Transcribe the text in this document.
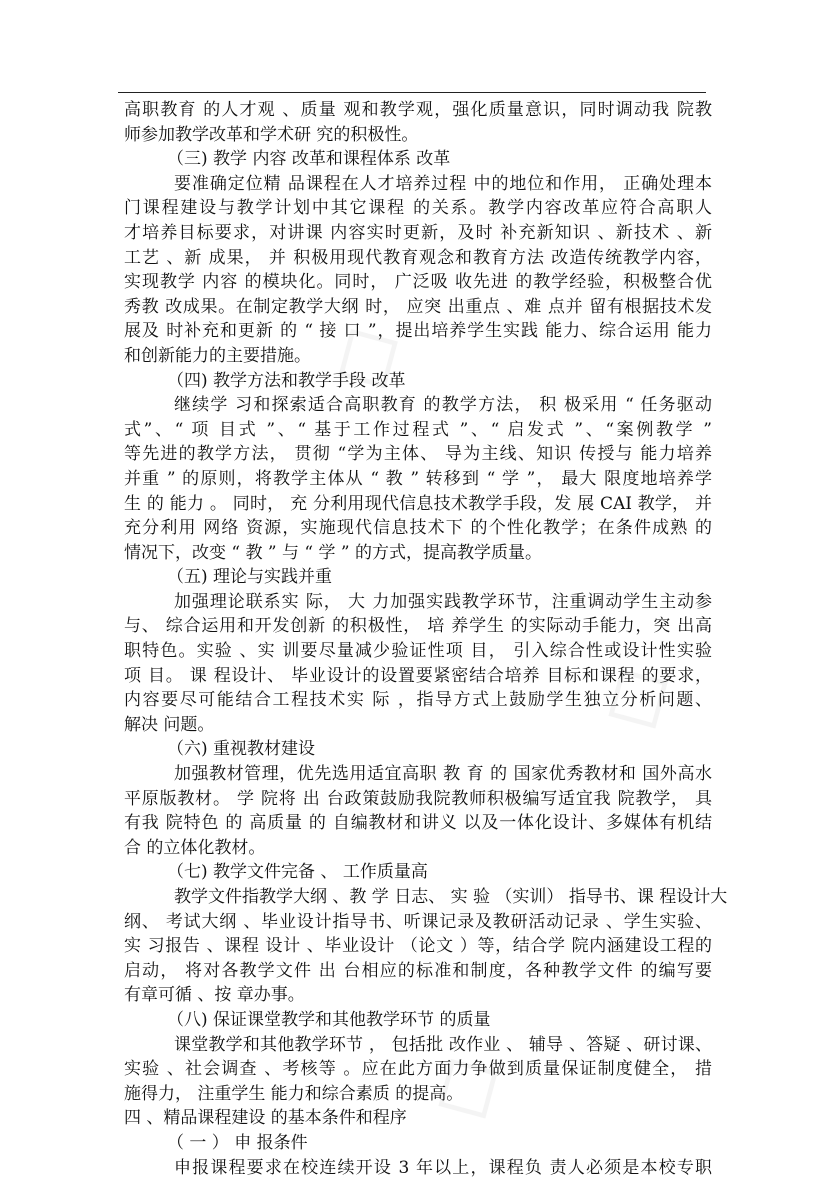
高职教育 的人才观 、质量 观和教学观，强化质量意识，同时调动我 院教
师参加教学改革和学术研 究的积极性。
（三) 教学 内容 改革和课程体系 改革
要准确定位精 品课程在人才培养过程 中的地位和作用， 正确处理本
门课程建设与教学计划中其它课程 的关系。教学内容改革应符合高职人
才培养目标要求，对讲课 内容实时更新，及时 补充新知识 、新技术 、新
工艺 、新 成果， 并 积极用现代教育观念和教育方法 改造传统教学内容，
实现教学 内容 的模块化。同时， 广泛吸 收先进 的教学经验，积极整合优
秀教 改成果。在制定教学大纲 时， 应突 出重点 、难 点并 留有根据技术发
展及 时补充和更新 的 “ 接 口 ”，提出培养学生实践 能力、综合运用 能力
和创新能力的主要措施。
（四) 教学方法和教学手段 改革
继续学 习和探索适合高职教育 的教学方法， 积 极采用 “ 任务驱动
式”、“ 项 目式 ”、“ 基于工作过程式 ”、“ 启发式 ”、“案例教学 ”
等先进的教学方法， 贯彻 “学为主体、 导为主线、知识 传授与 能力培养
并重 ” 的原则，将教学主体从 “ 教 ” 转移到 “ 学 ”， 最大 限度地培养学
生 的 能力 。 同时， 充 分利用现代信息技术教学手段，发 展 CAI 教学， 并
充分利用 网络 资源，实施现代信息技术下 的个性化教学；在条件成熟 的
情况下，改变 “ 教 ” 与 “ 学 ” 的方式，提高教学质量。
（五) 理论与实践并重
加强理论联系实 际， 大 力加强实践教学环节，注重调动学生主动参
与、 综合运用和开发创新 的积极性， 培 养学生 的实际动手能力，突 出高
职特色。实验 、实 训要尽量减少验证性项 目， 引入综合性或设计性实验
项 目。 课 程设计、 毕业设计的设置要紧密结合培养 目标和课程 的要求，
内容要尽可能结合工程技术实 际 ，指导方式上鼓励学生独立分析问题、
解决 问题。
（六) 重视教材建设
加强教材管理，优先选用适宜高职 教 育 的 国家优秀教材和 国外高水
平原版教材。 学 院将 出 台政策鼓励我院教师积极编写适宜我 院教学， 具
有我 院特色 的 高质量 的 自编教材和讲义 以及一体化设计、多媒体有机结
合 的立体化教材。
（七) 教学文件完备 、 工作质量高
教学文件指教学大纲 、教 学 日志、 实 验 （实训） 指导书、课 程设计大
纲、 考试大纲 、毕业设计指导书、听课记录及教研活动记录 、学生实验、
实 习报告 、课程 设计 、毕业设计 （论文 ）等，结合学 院内涵建设工程的
启动， 将对各教学文件 出 台相应的标准和制度，各种教学文件 的编写要
有章可循 、按 章办事。
（八) 保证课堂教学和其他教学环节 的质量
课堂教学和其他教学环节 ， 包括批 改作业 、 辅导 、答疑 、研讨课、
实验 、社会调查 、考核等 。应在此方面力争做到质量保证制度健全， 措
施得力， 注重学生 能力和综合素质 的提高。
四 、精品课程建设 的基本条件和程序
（ 一 ） 申 报条件
申报课程要求在校连续开设 3 年以上，课程负 责人必须是本校专职
